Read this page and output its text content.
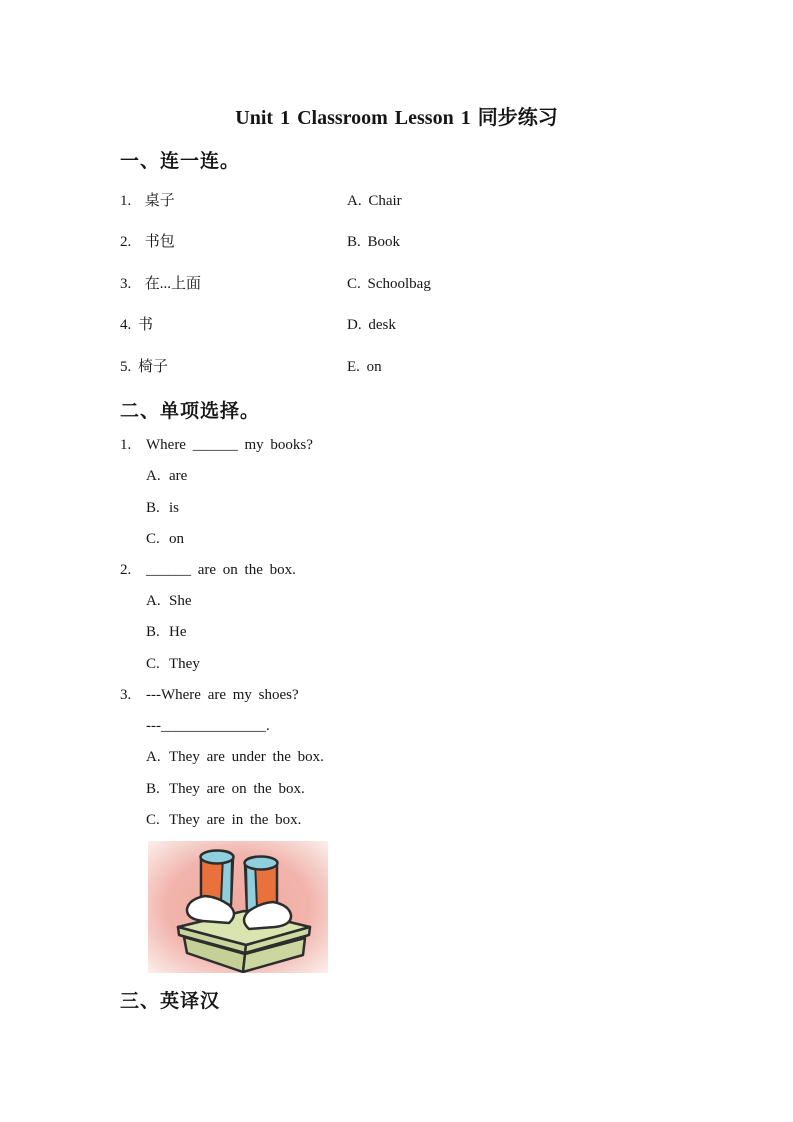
Unit 1 Classroom Lesson 1 同步练习
一、连一连。
1.  桌子	A. Chair
2.  书包	B. Book
3.  在...上面	C. Schoolbag
4. 书	D. desk
5. 椅子	E. on
二、单项选择。
1. Where ______ my books?
A. are
B. is
C. on
2. ______ are on the box.
A. She
B. He
C. They
3. ---Where are my shoes?
---______________.
A. They are under the box.
B. They are on the box.
C. They are in the box.
三、英译汉
